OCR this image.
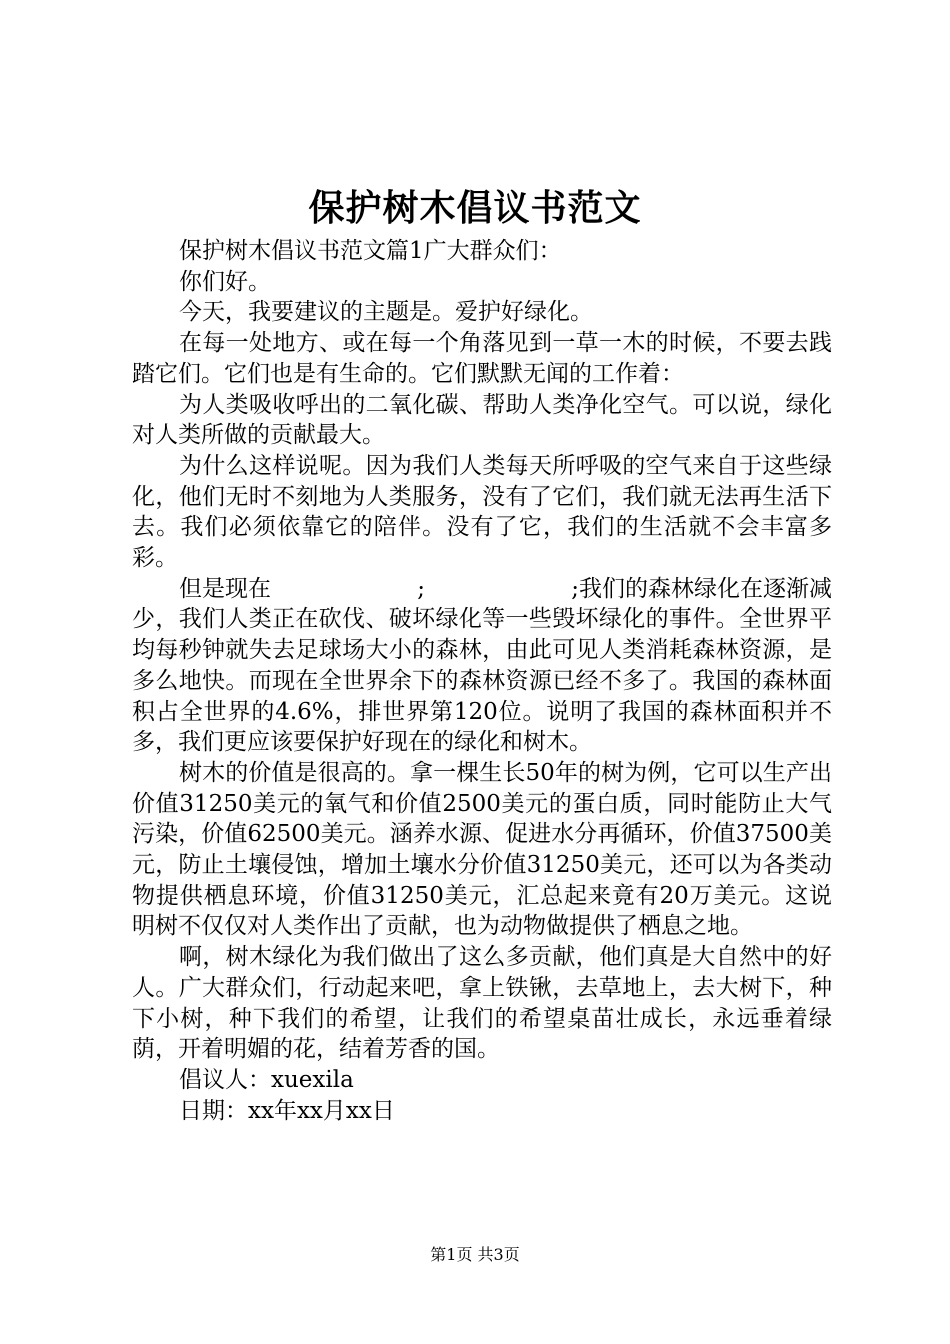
保护树木倡议书范文

保护树木倡议书范文篇1广大群众们：

你们好。

今天，我要建议的主题是。爱护好绿化。

在每一处地方、或在每一个角落见到一草一木的时候，不要去践踏它们。它们也是有生命的。它们默默无闻的工作着：

为人类吸收呼出的二氧化碳、帮助人类净化空气。可以说，绿化对人类所做的贡献最大。

为什么这样说呢。因为我们人类每天所呼吸的空气来自于这些绿化，他们无时不刻地为人类服务，没有了它们，我们就无法再生活下去。我们必须依靠它的陪伴。没有了它，我们的生活就不会丰富多彩。

但是现在                    ;                    ;我们的森林绿化在逐渐减少，我们人类正在砍伐、破坏绿化等一些毁坏绿化的事件。全世界平均每秒钟就失去足球场大小的森林，由此可见人类消耗森林资源，是多么地快。而现在全世界余下的森林资源已经不多了。我国的森林面积占全世界的4.6%，排世界第120位。说明了我国的森林面积并不多，我们更应该要保护好现在的绿化和树木。

树木的价值是很高的。拿一棵生长50年的树为例，它可以生产出价值31250美元的氧气和价值2500美元的蛋白质，同时能防止大气污染，价值62500美元。涵养水源、促进水分再循环，价值37500美元，防止土壤侵蚀，增加土壤水分价值31250美元，还可以为各类动物提供栖息环境，价值31250美元，汇总起来竟有20万美元。这说明树不仅仅对人类作出了贡献，也为动物做提供了栖息之地。

啊，树木绿化为我们做出了这么多贡献，他们真是大自然中的好人。广大群众们，行动起来吧，拿上铁锹，去草地上，去大树下，种下小树，种下我们的希望，让我们的希望桌苗壮成长，永远垂着绿荫，开着明媚的花，结着芳香的国。

倡议人：xuexila

日期：xx年xx月xx日

第1页 共3页
